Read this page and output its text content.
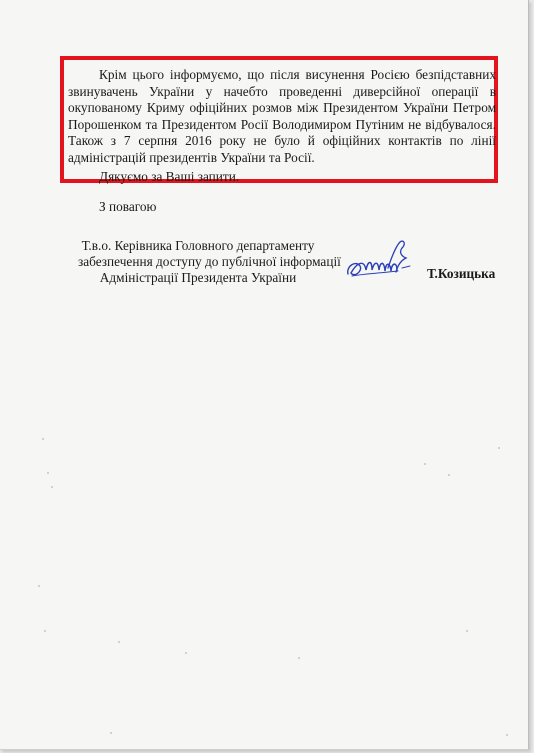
Крім цього інформуємо, що після висунення Росією безпідставних звинувачень України у начебто проведенні диверсійної операції в окупованому Криму офіційних розмов між Президентом України Петром Порошенком та Президентом Росії Володимиром Путіним не відбувалося. Також з 7 серпня 2016 року не було й офіційних контактів по лінії адміністрацій президентів України та Росії.

Дякуємо за Ваші запити.

З повагою

Т.в.о. Керівника Головного департаменту
забезпечення доступу до публічної інформації
Адміністрації Президента України	Т.Козицька
